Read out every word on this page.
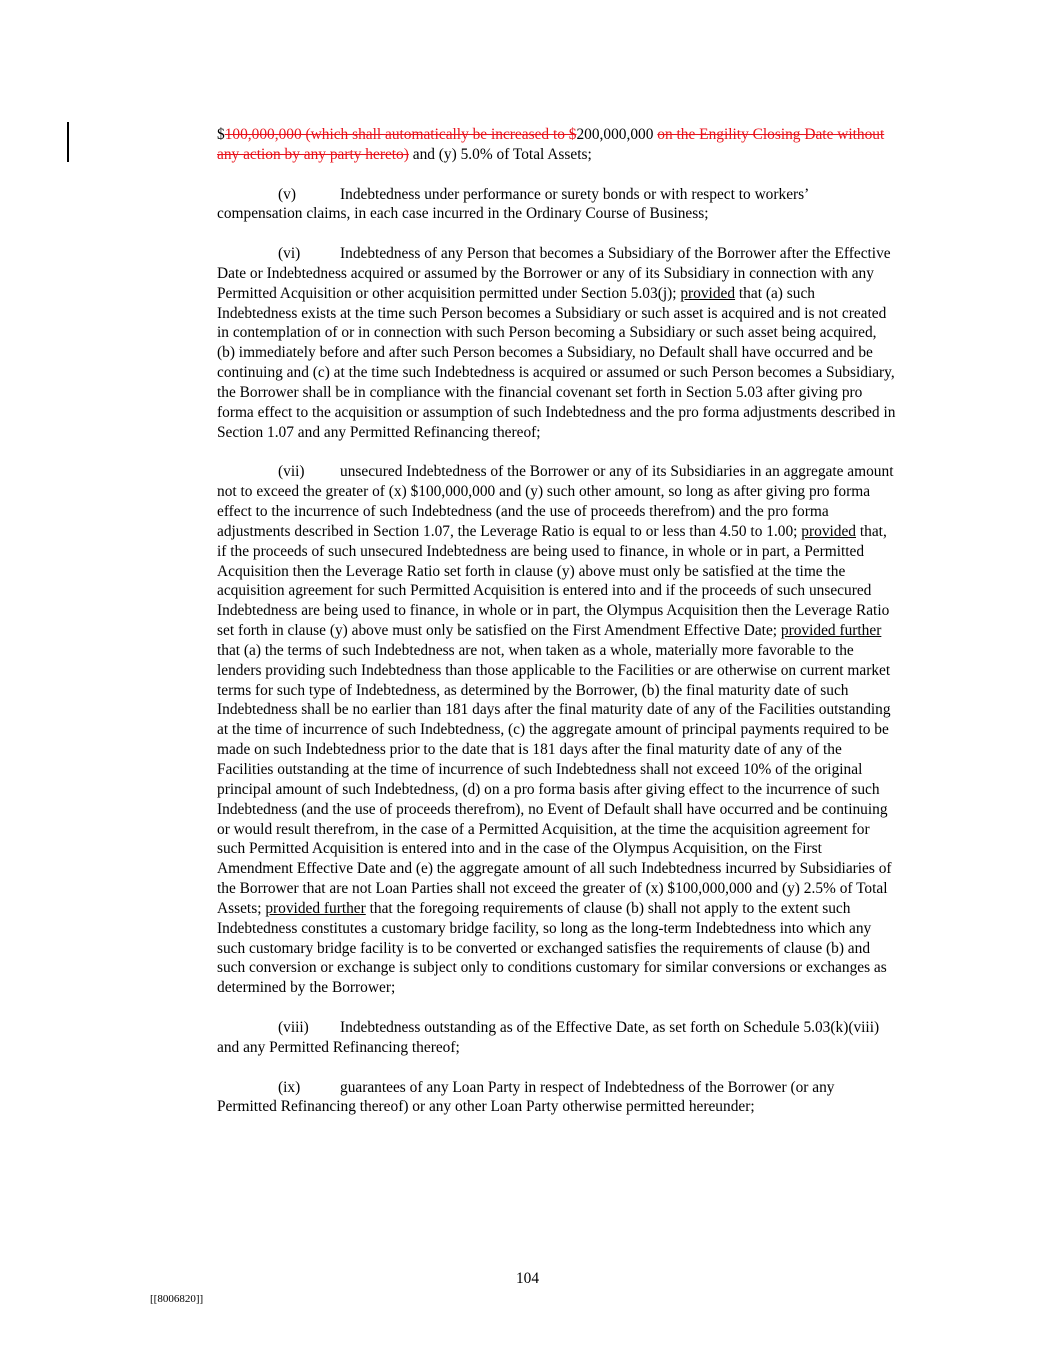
$100,000,000 (which shall automatically be increased to $200,000,000 on the Engility Closing Date without any action by any party hereto) and (y) 5.0% of Total Assets;

(v)	Indebtedness under performance or surety bonds or with respect to workers’ compensation claims, in each case incurred in the Ordinary Course of Business;

(vi)	Indebtedness of any Person that becomes a Subsidiary of the Borrower after the Effective Date or Indebtedness acquired or assumed by the Borrower or any of its Subsidiary in connection with any Permitted Acquisition or other acquisition permitted under Section 5.03(j); provided that (a) such Indebtedness exists at the time such Person becomes a Subsidiary or such asset is acquired and is not created in contemplation of or in connection with such Person becoming a Subsidiary or such asset being acquired, (b) immediately before and after such Person becomes a Subsidiary, no Default shall have occurred and be continuing and (c) at the time such Indebtedness is acquired or assumed or such Person becomes a Subsidiary, the Borrower shall be in compliance with the financial covenant set forth in Section 5.03 after giving pro forma effect to the acquisition or assumption of such Indebtedness and the pro forma adjustments described in Section 1.07 and any Permitted Refinancing thereof;

(vii) unsecured Indebtedness of the Borrower or any of its Subsidiaries in an aggregate amount not to exceed the greater of (x) $100,000,000 and (y) such other amount, so long as after giving pro forma effect to the incurrence of such Indebtedness (and the use of proceeds therefrom) and the pro forma adjustments described in Section 1.07, the Leverage Ratio is equal to or less than 4.50 to 1.00; provided that, if the proceeds of such unsecured Indebtedness are being used to finance, in whole or in part, a Permitted Acquisition then the Leverage Ratio set forth in clause (y) above must only be satisfied at the time the acquisition agreement for such Permitted Acquisition is entered into and if the proceeds of such unsecured Indebtedness are being used to finance, in whole or in part, the Olympus Acquisition then the Leverage Ratio set forth in clause (y) above must only be satisfied on the First Amendment Effective Date; provided further that (a) the terms of such Indebtedness are not, when taken as a whole, materially more favorable to the lenders providing such Indebtedness than those applicable to the Facilities or are otherwise on current market terms for such type of Indebtedness, as determined by the Borrower, (b) the final maturity date of such Indebtedness shall be no earlier than 181 days after the final maturity date of any of the Facilities outstanding at the time of incurrence of such Indebtedness, (c) the aggregate amount of principal payments required to be made on such Indebtedness prior to the date that is 181 days after the final maturity date of any of the Facilities outstanding at the time of incurrence of such Indebtedness shall not exceed 10% of the original principal amount of such Indebtedness, (d) on a pro forma basis after giving effect to the incurrence of such Indebtedness (and the use of proceeds therefrom), no Event of Default shall have occurred and be continuing or would result therefrom, in the case of a Permitted Acquisition, at the time the acquisition agreement for such Permitted Acquisition is entered into and in the case of the Olympus Acquisition, on the First Amendment Effective Date and (e) the aggregate amount of all such Indebtedness incurred by Subsidiaries of the Borrower that are not Loan Parties shall not exceed the greater of (x) $100,000,000 and (y) 2.5% of Total Assets; provided further that the foregoing requirements of clause (b) shall not apply to the extent such Indebtedness constitutes a customary bridge facility, so long as the long-term Indebtedness into which any such customary bridge facility is to be converted or exchanged satisfies the requirements of clause (b) and such conversion or exchange is subject only to conditions customary for similar conversions or exchanges as determined by the Borrower;

(viii) Indebtedness outstanding as of the Effective Date, as set forth on Schedule 5.03(k)(viii) and any Permitted Refinancing thereof;

(ix)	guarantees of any Loan Party in respect of Indebtedness of the Borrower (or any Permitted Refinancing thereof) or any other Loan Party otherwise permitted hereunder;

104
[[8006820]]
